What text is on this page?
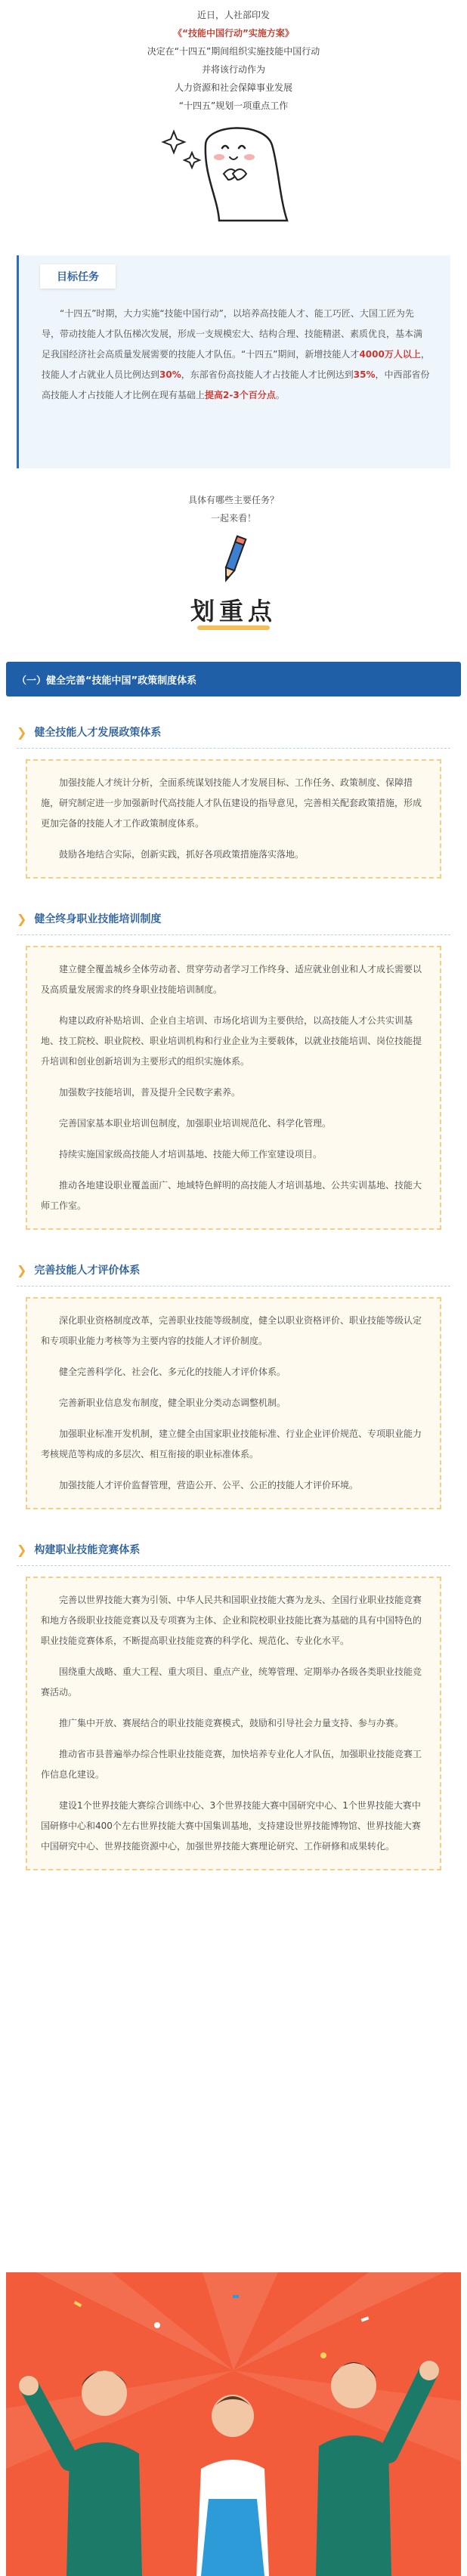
近日，人社部印发

《“技能中国行动”实施方案》

决定在“十四五”期间组织实施技能中国行动

并将该行动作为

人力资源和社会保障事业发展

“十四五”规划一项重点工作

目标任务
“十四五”时期，大力实施“技能中国行动”，以培养高技能人才、能工巧匠、大国工匠为先导，带动技能人才队伍梯次发展，形成一支规模宏大、结构合理、技能精湛、素质优良，基本满足我国经济社会高质量发展需要的技能人才队伍。“十四五”期间，新增技能人才4000万人以上，技能人才占就业人员比例达到30%，东部省份高技能人才占技能人才比例达到35%，中西部省份高技能人才占技能人才比例在现有基础上提高2-3个百分点。

具体有哪些主要任务？

一起来看！

划重点
（一）健全完善“技能中国”政策制度体系
❯ 健全技能人才发展政策体系

加强技能人才统计分析，全面系统谋划技能人才发展目标、工作任务、政策制度、保障措施，研究制定进一步加强新时代高技能人才队伍建设的指导意见，完善相关配套政策措施，形成更加完备的技能人才工作政策制度体系。

鼓励各地结合实际，创新实践，抓好各项政策措施落实落地。

❯ 健全终身职业技能培训制度

建立健全覆盖城乡全体劳动者、贯穿劳动者学习工作终身、适应就业创业和人才成长需要以及高质量发展需求的终身职业技能培训制度。

构建以政府补贴培训、企业自主培训、市场化培训为主要供给，以高技能人才公共实训基地、技工院校、职业院校、职业培训机构和行业企业为主要载体，以就业技能培训、岗位技能提升培训和创业创新培训为主要形式的组织实施体系。

加强数字技能培训，普及提升全民数字素养。

完善国家基本职业培训包制度，加强职业培训规范化、科学化管理。

持续实施国家级高技能人才培训基地、技能大师工作室建设项目。

推动各地建设职业覆盖面广、地域特色鲜明的高技能人才培训基地、公共实训基地、技能大师工作室。

❯ 完善技能人才评价体系

深化职业资格制度改革，完善职业技能等级制度，健全以职业资格评价、职业技能等级认定和专项职业能力考核等为主要内容的技能人才评价制度。

健全完善科学化、社会化、多元化的技能人才评价体系。

完善新职业信息发布制度，健全职业分类动态调整机制。

加强职业标准开发机制，建立健全由国家职业技能标准、行业企业评价规范、专项职业能力考核规范等构成的多层次、相互衔接的职业标准体系。

加强技能人才评价监督管理，营造公开、公平、公正的技能人才评价环境。

❯ 构建职业技能竞赛体系

完善以世界技能大赛为引领、中华人民共和国职业技能大赛为龙头、全国行业职业技能竞赛和地方各级职业技能竞赛以及专项赛为主体、企业和院校职业技能比赛为基础的具有中国特色的职业技能竞赛体系，不断提高职业技能竞赛的科学化、规范化、专业化水平。

围绕重大战略、重大工程、重大项目、重点产业，统筹管理、定期举办各级各类职业技能竞赛活动。

推广集中开放、赛展结合的职业技能竞赛模式，鼓励和引导社会力量支持、参与办赛。

推动省市县普遍举办综合性职业技能竞赛，加快培养专业化人才队伍，加强职业技能竞赛工作信息化建设。

建设1个世界技能大赛综合训练中心、3个世界技能大赛中国研究中心、1个世界技能大赛中国研修中心和400个左右世界技能大赛中国集训基地，支持建设世界技能博物馆、世界技能大赛中国研究中心、世界技能资源中心，加强世界技能大赛理论研究、工作研修和成果转化。
